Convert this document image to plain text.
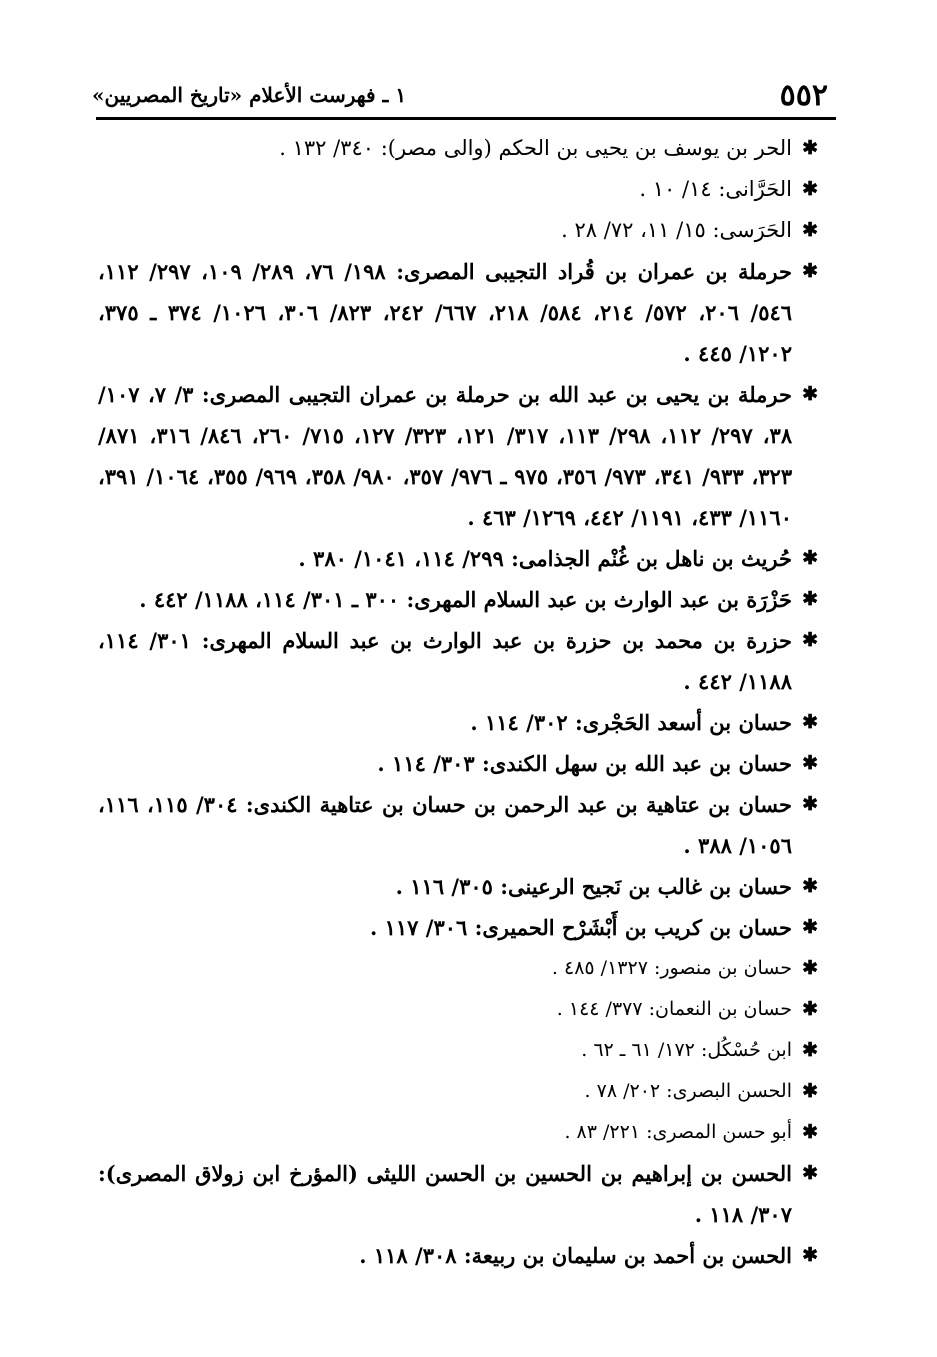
٥٥٢
١ ـ فهرست الأعلام «تاريخ المصريين»
✱
الحر بن يوسف بن يحيى بن الحكم (والى مصر): ٣٤٠/ ١٣٢ .
✱
الحَرَّانى: ١٤/ ١٠ .
✱
الحَرَسى: ١٥/ ١١، ٧٢/ ٢٨ .
✱
حرملة بن عمران بن قُراد التجيبى المصرى: ١٩٨/ ٧٦، ٢٨٩/ ١٠٩، ٢٩٧/ ١١٢، ٥٤٦/ ٢٠٦، ٥٧٢/ ٢١٤، ٥٨٤/ ٢١٨، ٦٦٧/ ٢٤٢، ٨٢٣/ ٣٠٦، ١٠٢٦/ ٣٧٤ ـ ٣٧٥، ١٢٠٢/ ٤٤٥ .
✱
حرملة بن يحيى بن عبد الله بن حرملة بن عمران التجيبى المصرى: ٣/ ٧، ١٠٧/ ٣٨، ٢٩٧/ ١١٢، ٢٩٨/ ١١٣، ٣١٧/ ١٢١، ٣٢٣/ ١٢٧، ٧١٥/ ٢٦٠، ٨٤٦/ ٣١٦، ٨٧١/ ٣٢٣، ٩٣٣/ ٣٤١، ٩٧٣/ ٣٥٦، ٩٧٥ ـ ٩٧٦/ ٣٥٧، ٩٨٠/ ٣٥٨، ٩٦٩/ ٣٥٥، ١٠٦٤/ ٣٩١، ١١٦٠/ ٤٣٣، ١١٩١/ ٤٤٢، ١٢٦٩/ ٤٦٣ .
✱
حُريث بن ناهل بن غُنْم الجذامى: ٢٩٩/ ١١٤، ١٠٤١/ ٣٨٠ .
✱
حَزْرَة بن عبد الوارث بن عبد السلام المهرى: ٣٠٠ ـ ٣٠١/ ١١٤، ١١٨٨/ ٤٤٢ .
✱
حزرة بن محمد بن حزرة بن عبد الوارث بن عبد السلام المهرى: ٣٠١/ ١١٤، ١١٨٨/ ٤٤٢ .
✱
حسان بن أسعد الحَجْرى: ٣٠٢/ ١١٤ .
✱
حسان بن عبد الله بن سهل الكندى: ٣٠٣/ ١١٤ .
✱
حسان بن عتاهية بن عبد الرحمن بن حسان بن عتاهية الكندى: ٣٠٤/ ١١٥، ١١٦، ١٠٥٦/ ٣٨٨ .
✱
حسان بن غالب بن نَجيح الرعينى: ٣٠٥/ ١١٦ .
✱
حسان بن كريب بن أَبْشَرْح الحميرى: ٣٠٦/ ١١٧ .
✱
حسان بن منصور: ١٣٢٧/ ٤٨٥ .
✱
حسان بن النعمان: ٣٧٧/ ١٤٤ .
✱
ابن حُسْكُل: ١٧٢/ ٦١ ـ ٦٢ .
✱
الحسن البصرى: ٢٠٢/ ٧٨ .
✱
أبو حسن المصرى: ٢٢١/ ٨٣ .
✱
الحسن بن إبراهيم بن الحسين بن الحسن الليثى (المؤرخ ابن زولاق المصرى): ٣٠٧/ ١١٨ .
✱
الحسن بن أحمد بن سليمان بن ربيعة: ٣٠٨/ ١١٨ .
